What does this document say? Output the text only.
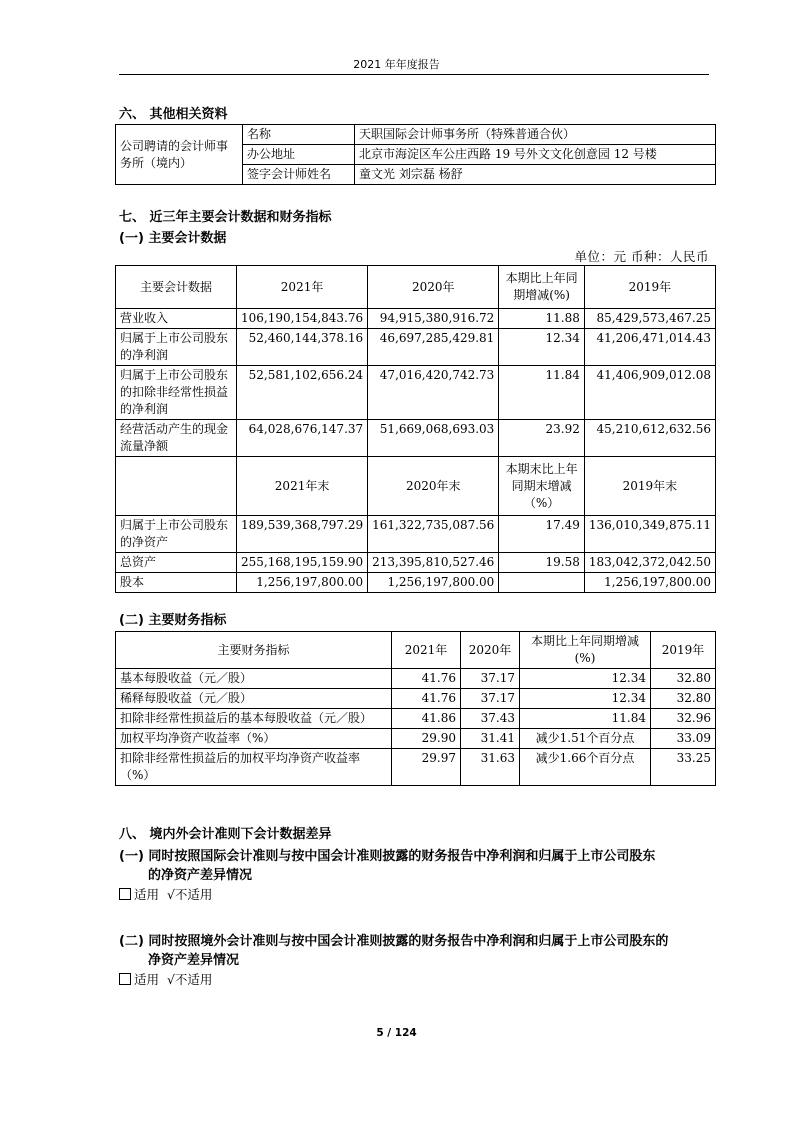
2021 年年度报告
六、 其他相关资料
公司聘请的会计师事务所（境内）	名称	天职国际会计师事务所（特殊普通合伙）
	办公地址	北京市海淀区车公庄西路 19 号外文文化创意园 12 号楼
	签字会计师姓名	童文光 刘宗磊 杨舒
七、 近三年主要会计数据和财务指标
(一) 主要会计数据
单位：元 币种：人民币
主要会计数据	2021年	2020年	本期比上年同期增减(%)	2019年
营业收入	106,190,154,843.76	94,915,380,916.72	11.88	85,429,573,467.25
归属于上市公司股东的净利润	52,460,144,378.16	46,697,285,429.81	12.34	41,206,471,014.43
归属于上市公司股东的扣除非经常性损益的净利润	52,581,102,656.24	47,016,420,742.73	11.84	41,406,909,012.08
经营活动产生的现金流量净额	64,028,676,147.37	51,669,068,693.03	23.92	45,210,612,632.56
	2021年末	2020年末	本期末比上年同期末增减（%）	2019年末
归属于上市公司股东的净资产	189,539,368,797.29	161,322,735,087.56	17.49	136,010,349,875.11
总资产	255,168,195,159.90	213,395,810,527.46	19.58	183,042,372,042.50
股本	1,256,197,800.00	1,256,197,800.00		1,256,197,800.00
(二) 主要财务指标
主要财务指标	2021年	2020年	本期比上年同期增减(%)	2019年
基本每股收益（元／股）	41.76	37.17	12.34	32.80
稀释每股收益（元／股）	41.76	37.17	12.34	32.80
扣除非经常性损益后的基本每股收益（元／股）	41.86	37.43	11.84	32.96
加权平均净资产收益率（%）	29.90	31.41	减少1.51个百分点	33.09
扣除非经常性损益后的加权平均净资产收益率（%）	29.97	31.63	减少1.66个百分点	33.25
八、 境内外会计准则下会计数据差异
(一) 同时按照国际会计准则与按中国会计准则披露的财务报告中净利润和归属于上市公司股东
的净资产差异情况
适用 √不适用
(二) 同时按照境外会计准则与按中国会计准则披露的财务报告中净利润和归属于上市公司股东的
净资产差异情况
适用 √不适用
5 / 124
